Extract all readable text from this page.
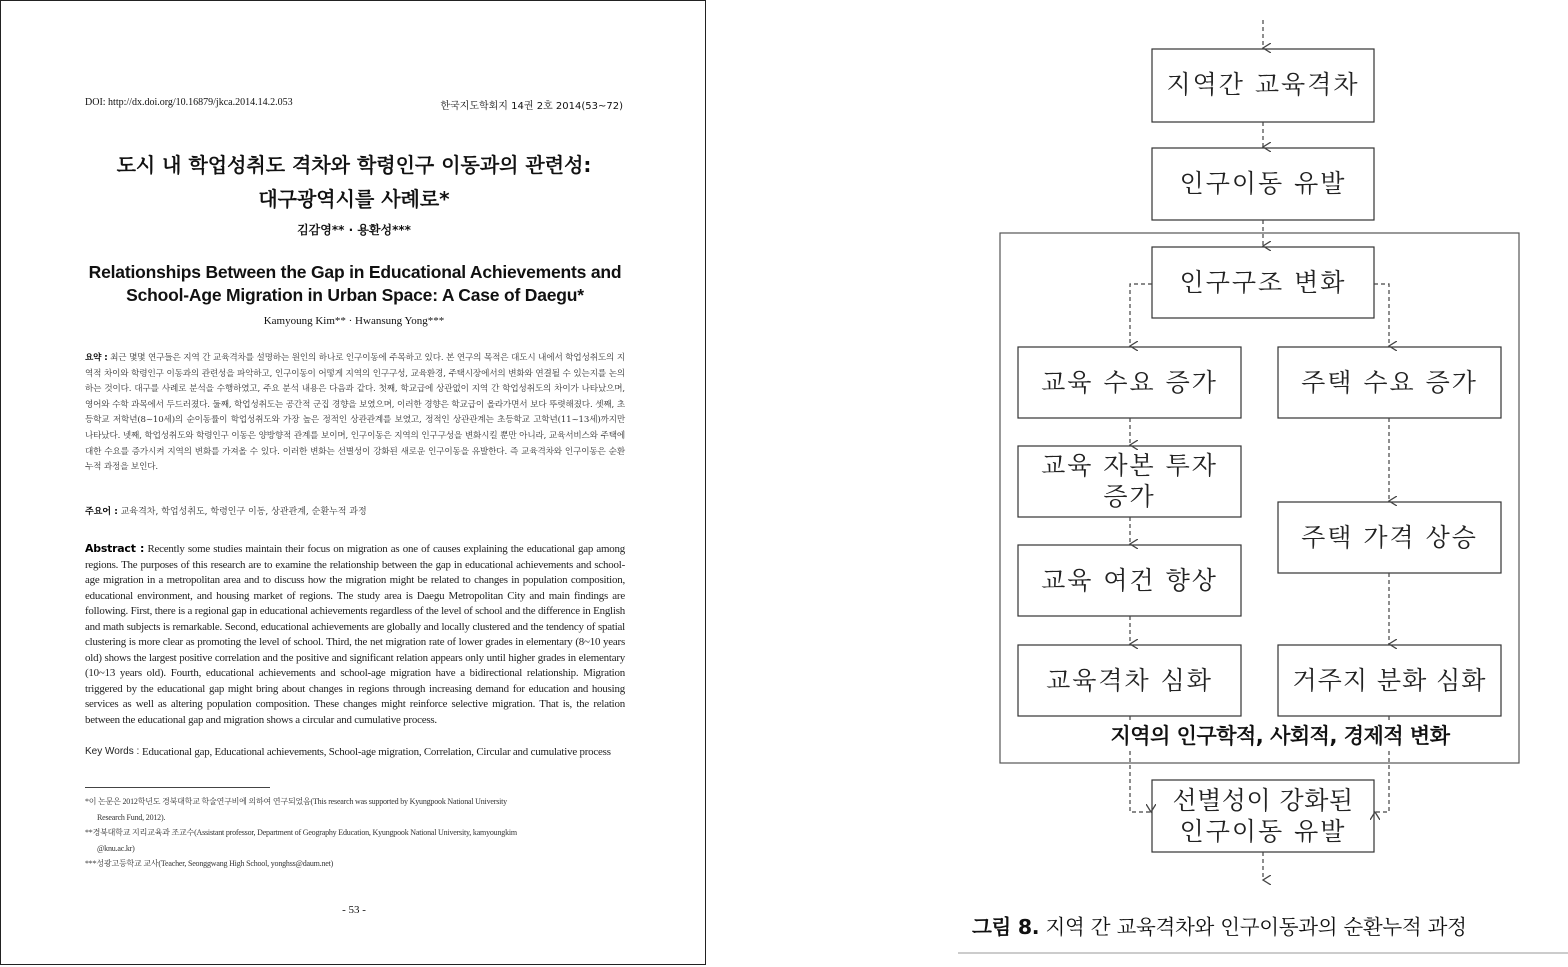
DOI: http://dx.doi.org/10.16879/jkca.2014.14.2.053	한국지도학회지 14권 2호 2014(53~72)
도시 내 학업성취도 격차와 학령인구 이동과의 관련성:
대구광역시를 사례로*
김감영** · 용환성***
Relationships Between the Gap in Educational Achievements and
School-Age Migration in Urban Space: A Case of Daegu*
Kamyoung Kim** · Hwansung Yong***
요약 : 최근 몇몇 연구들은 지역 간 교육격차를 설명하는 원인의 하나로 인구이동에 주목하고 있다. 본 연구의 목적은 대도시 내에서 학업성취도의 지역적 차이와 학령인구 이동과의 관련성을 파악하고, 인구이동이 어떻게 지역의 인구구성, 교육환경, 주택시장에서의 변화와 연결될 수 있는지를 논의하는 것이다. 대구를 사례로 분석을 수행하였고, 주요 분석 내용은 다음과 같다. 첫째, 학교급에 상관없이 지역 간 학업성취도의 차이가 나타났으며, 영어와 수학 과목에서 두드러졌다. 둘째, 학업성취도는 공간적 군집 경향을 보였으며, 이러한 경향은 학교급이 올라가면서 보다 뚜렷해졌다. 셋째, 초등학교 저학년(8~10세)의 순이동률이 학업성취도와 가장 높은 정적인 상관관계를 보였고, 정적인 상관관계는 초등학교 고학년(11~13세)까지만 나타났다. 넷째, 학업성취도와 학령인구 이동은 양방향적 관계를 보이며, 인구이동은 지역의 인구구성을 변화시킬 뿐만 아니라, 교육서비스와 주택에 대한 수요를 증가시켜 지역의 변화를 가져올 수 있다. 이러한 변화는 선별성이 강화된 새로운 인구이동을 유발한다. 즉 교육격차와 인구이동은 순환누적 과정을 보인다.
주요어 : 교육격차, 학업성취도, 학령인구 이동, 상관관계, 순환누적 과정
Abstract : Recently some studies maintain their focus on migration as one of causes explaining the educational gap among regions. The purposes of this research are to examine the relationship between the gap in educational achievements and school-age migration in a metropolitan area and to discuss how the migration might be related to changes in population composition, educational environment, and housing market of regions. The study area is Daegu Metropolitan City and main findings are following. First, there is a regional gap in educational achievements regardless of the level of school and the difference in English and math subjects is remarkable. Second, educational achievements are globally and locally clustered and the tendency of spatial clustering is more clear as promoting the level of school. Third, the net migration rate of lower grades in elementary (8~10 years old) shows the largest positive correlation and the positive and significant relation appears only until higher grades in elementary (10~13 years old). Fourth, educational achievements and school-age migration have a bidirectional relationship. Migration triggered by the educational gap might bring about changes in regions through increasing demand for education and housing services as well as altering population composition. These changes might reinforce selective migration. That is, the relation between the educational gap and migration shows a circular and cumulative process.
Key Words :
Educational gap, Educational achievements, School-age migration, Correlation, Circular and cumulative process
*이 논문은 2012학년도 경북대학교 학술연구비에 의하여 연구되었음(This research was supported by Kyungpook National University
Research Fund, 2012).
**경북대학교 지리교육과 조교수(Assistant professor, Department of Geography Education, Kyungpook National University, kamyoungkim
@knu.ac.kr)
***성광고등학교 교사(Teacher, Seonggwang High School, yonghss@daum.net)
- 53 -
지역간 교육격차
인구이동 유발
인구구조 변화
교육 수요 증가	주택 수요 증가
교육 자본 투자
증가
주택 가격 상승
교육 여건 향상
교육격차 심화	거주지 분화 심화
선별성이 강화된
인구이동 유발
지역의 인구학적, 사회적, 경제적 변화
그림 8. 지역 간 교육격차와 인구이동과의 순환누적 과정
